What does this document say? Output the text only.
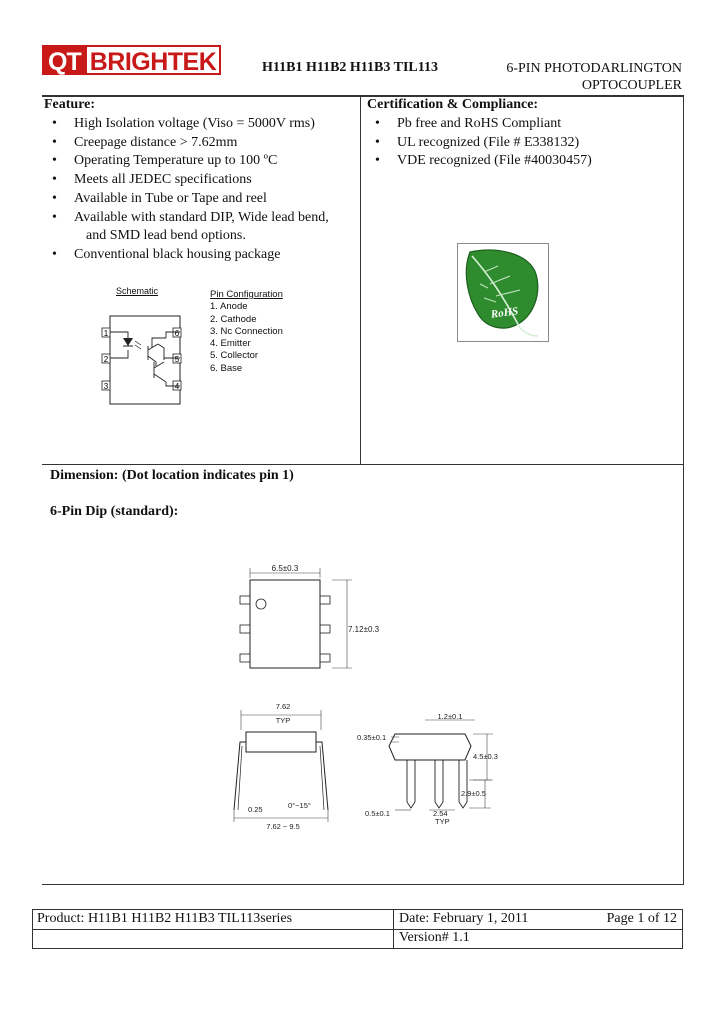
QT BRIGHTEK	H11B1 H11B2 H11B3 TIL113	6-PIN PHOTODARLINGTON
OPTOCOUPLER
Feature:
• High Isolation voltage (Viso = 5000V rms)
• Creepage distance > 7.62mm
• Operating Temperature up to 100 ºC
• Meets all JEDEC specifications
• Available in Tube or Tape and reel
• Available with standard DIP, Wide lead bend,
and SMD lead bend options.
• Conventional black housing package
Schematic
1
2
3
6
5
4
Pin Configuration
1. Anode
2. Cathode
3. Nc Connection
4. Emitter
5. Collector
6. Base
Certification & Compliance:
• Pb free and RoHS Compliant
• UL recognized (File # E338132)
• VDE recognized (File #40030457)
RoHS
Dimension: (Dot location indicates pin 1)
6-Pin Dip (standard):
6.5±0.3
7.12±0.3
7.62
TYP
0.25	0°~15°
7.62 ~ 9.5
1.2±0.1
0.35±0.1
4.5±0.3
2.9±0.5
0.5±0.1	2.54
TYP
Product: H11B1 H11B2 H11B3 TIL113series	Date: February 1, 2011	Page 1 of 12
Version# 1.1
